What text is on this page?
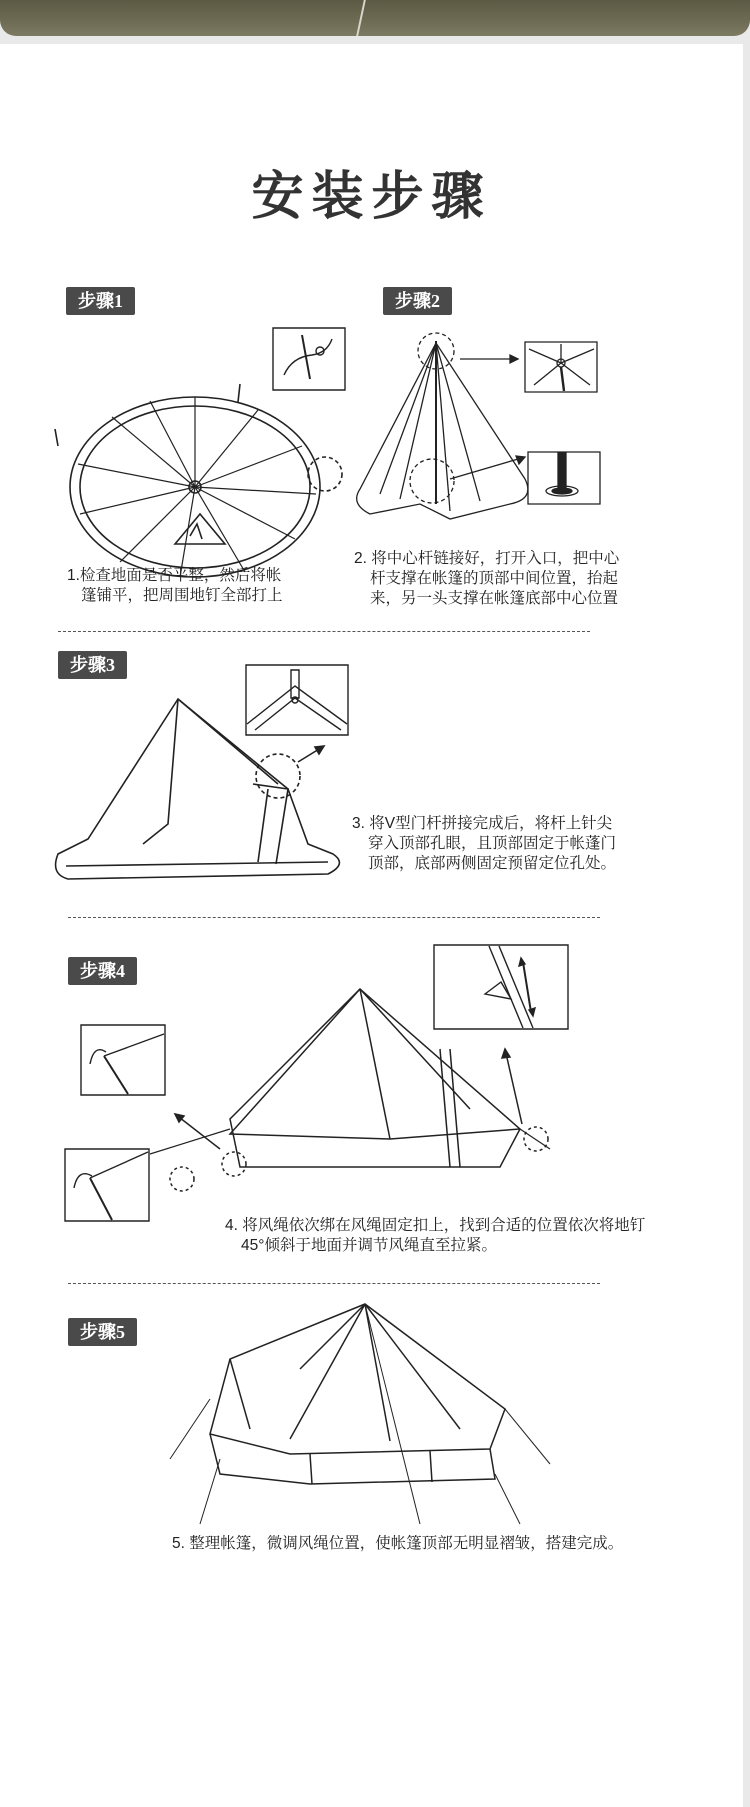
安装步骤
步骤1	步骤2
1.检查地面是否平整，然后将帐
篷铺平，把周围地钉全部打上
2. 将中心杆链接好，打开入口，把中心
杆支撑在帐篷的顶部中间位置，抬起
来，另一头支撑在帐篷底部中心位置
步骤3
3. 将V型门杆拼接完成后，将杆上针尖
穿入顶部孔眼，且顶部固定于帐蓬门
顶部，底部两侧固定预留定位孔处。
步骤4
4. 将风绳依次绑在风绳固定扣上，找到合适的位置依次将地钉
45°倾斜于地面并调节风绳直至拉紧。
步骤5
5. 整理帐篷，微调风绳位置，使帐篷顶部无明显褶皱，搭建完成。
